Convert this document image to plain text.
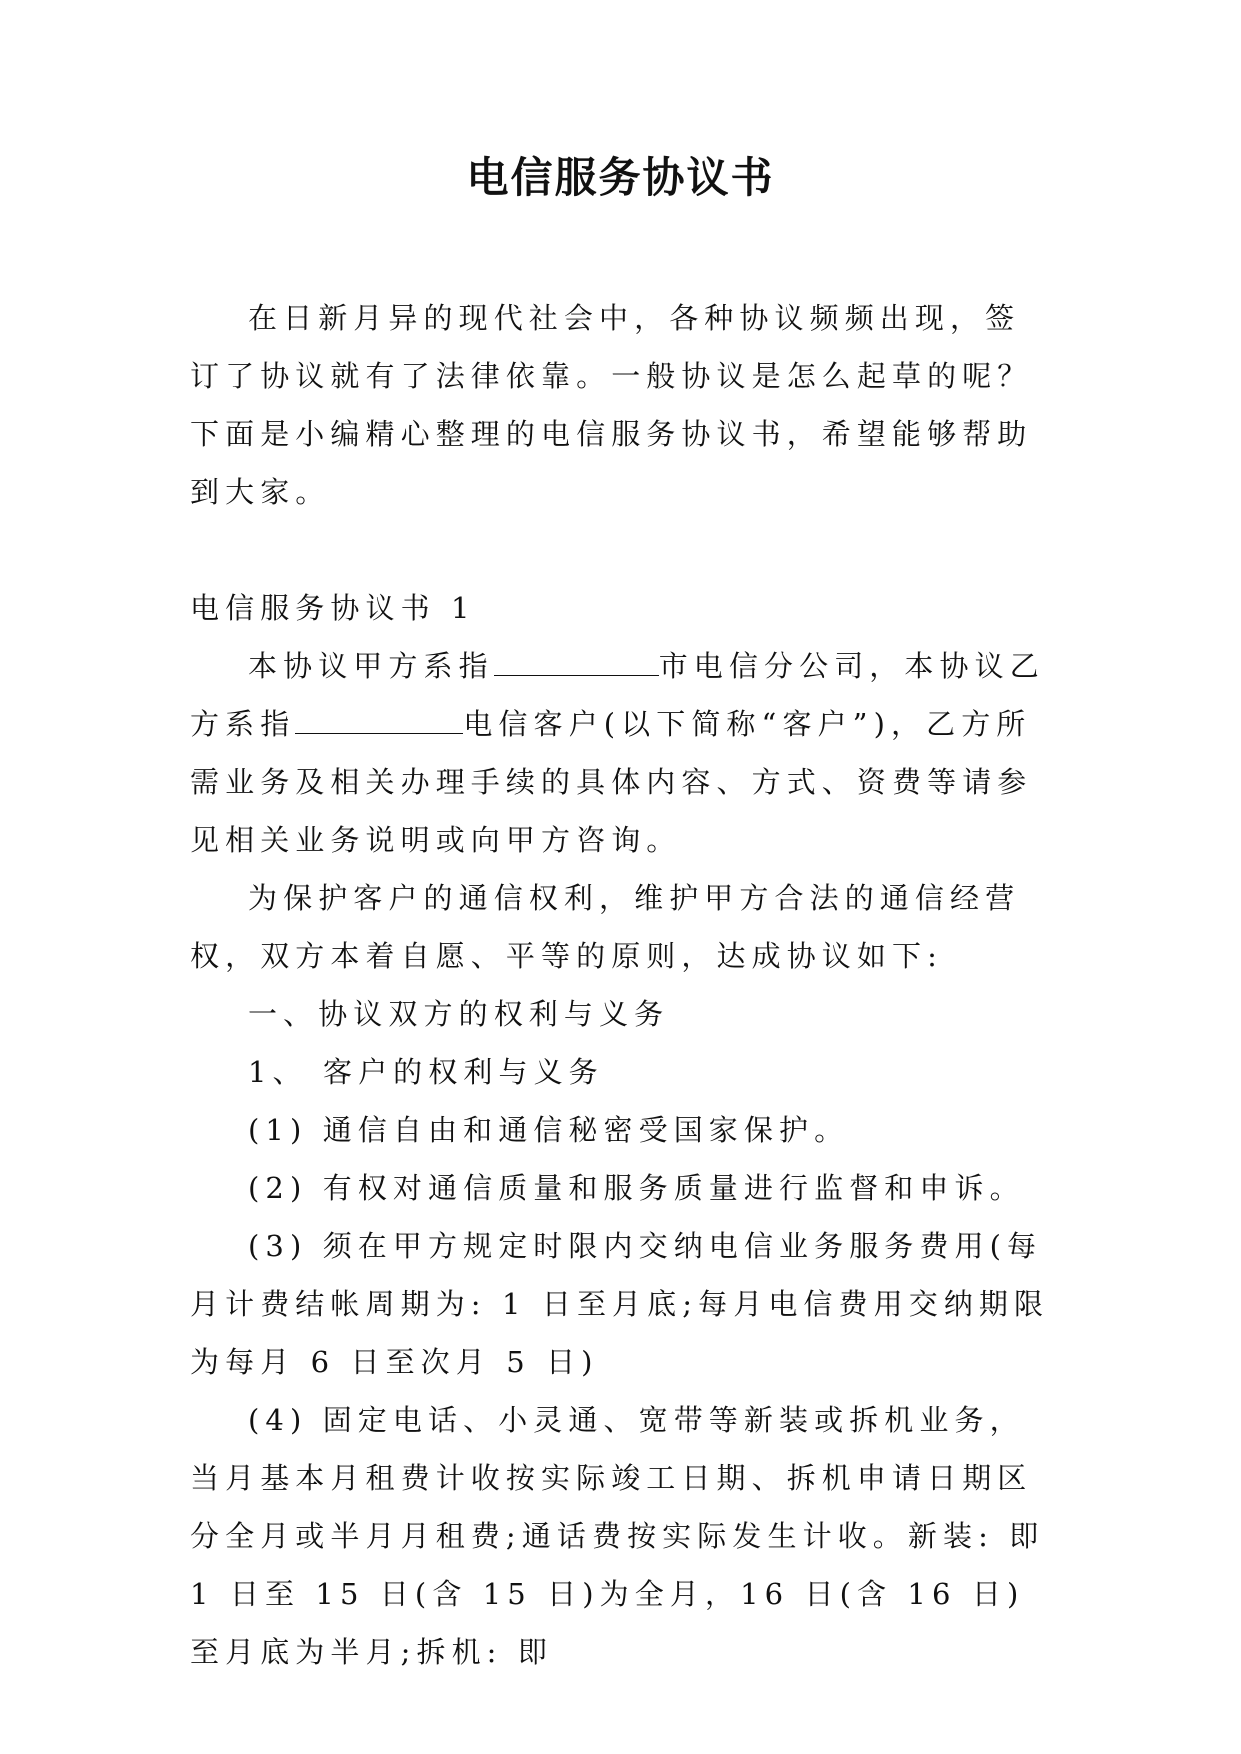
电信服务协议书

在日新月异的现代社会中，各种协议频频出现，签订了协议就有了法律依靠。一般协议是怎么起草的呢？下面是小编精心整理的电信服务协议书，希望能够帮助到大家。

电信服务协议书 1

本协议甲方系指	市电信分公司，本协议乙方系指	电信客户(以下简称“客户”)，乙方所需业务及相关办理手续的具体内容、方式、资费等请参见相关业务说明或向甲方咨询。

为保护客户的通信权利，维护甲方合法的通信经营权，双方本着自愿、平等的原则，达成协议如下:

一、协议双方的权利与义务

1、 客户的权利与义务

(1) 通信自由和通信秘密受国家保护。

(2) 有权对通信质量和服务质量进行监督和申诉。

(3) 须在甲方规定时限内交纳电信业务服务费用(每月计费结帐周期为: 1 日至月底;每月电信费用交纳期限为每月 6 日至次月 5 日)

(4) 固定电话、小灵通、宽带等新装或拆机业务，当月基本月租费计收按实际竣工日期、拆机申请日期区分全月或半月月租费;通话费按实际发生计收。新装: 即 1 日至 15 日(含 15 日)为全月，16 日(含 16 日)至月底为半月;拆机: 即
